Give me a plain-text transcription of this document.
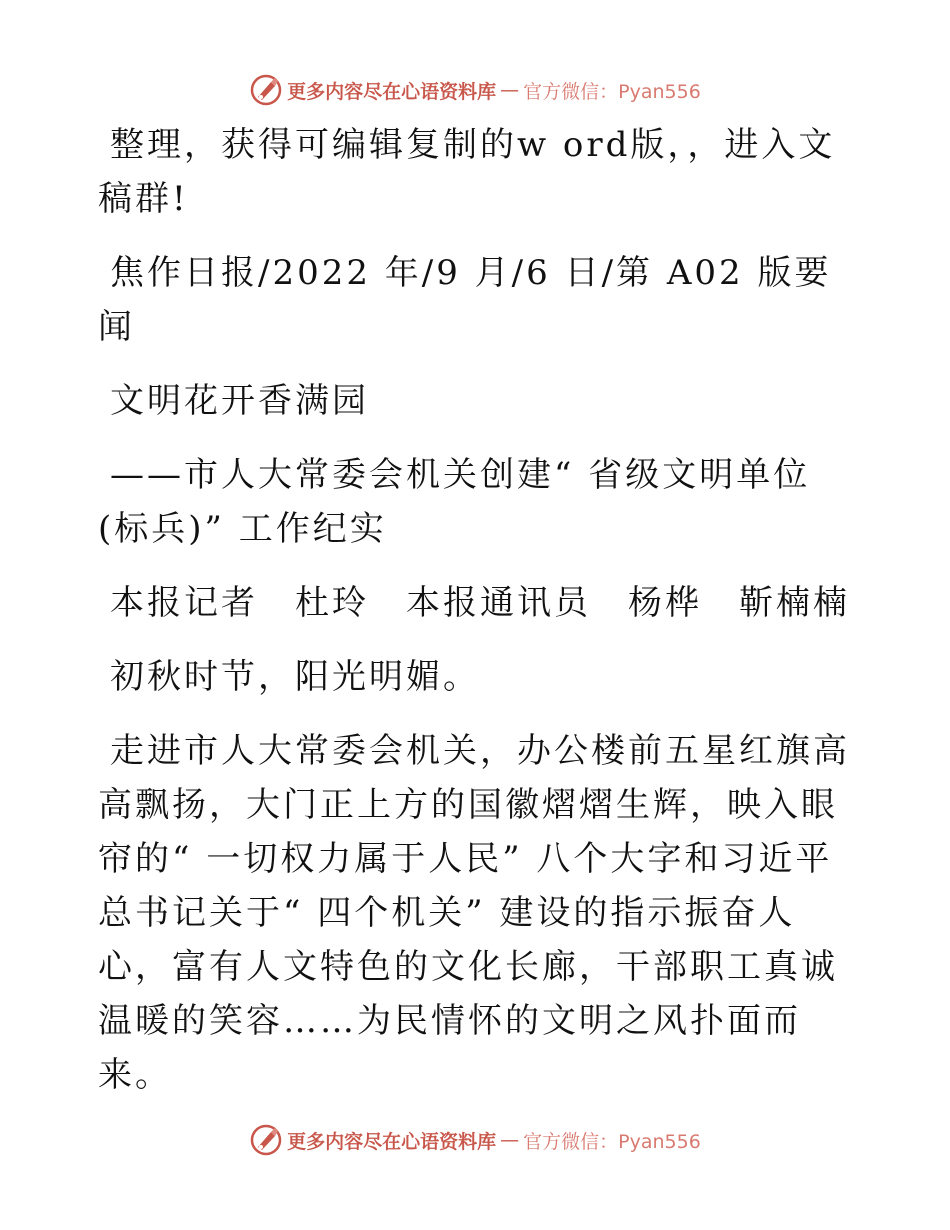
更多内容尽在心语资料库 — 官方微信：Pyan556

整理，获得可编辑复制的w ord版，，进入文稿群!

焦作日报/2022 年/9 月/6 日/第 A02 版要闻

文明花开香满园

——市人大常委会机关创建“ 省级文明单位(标兵)” 工作纪实

本报记者　杜玲　本报通讯员　杨桦　靳楠楠

初秋时节，阳光明媚。

走进市人大常委会机关，办公楼前五星红旗高高飘扬，大门正上方的国徽熠熠生辉，映入眼帘的“ 一切权力属于人民” 八个大字和习近平总书记关于“ 四个机关” 建设的指示振奋人心，富有人文特色的文化长廊，干部职工真诚温暖的笑容……为民情怀的文明之风扑面而来。

更多内容尽在心语资料库 — 官方微信：Pyan556
